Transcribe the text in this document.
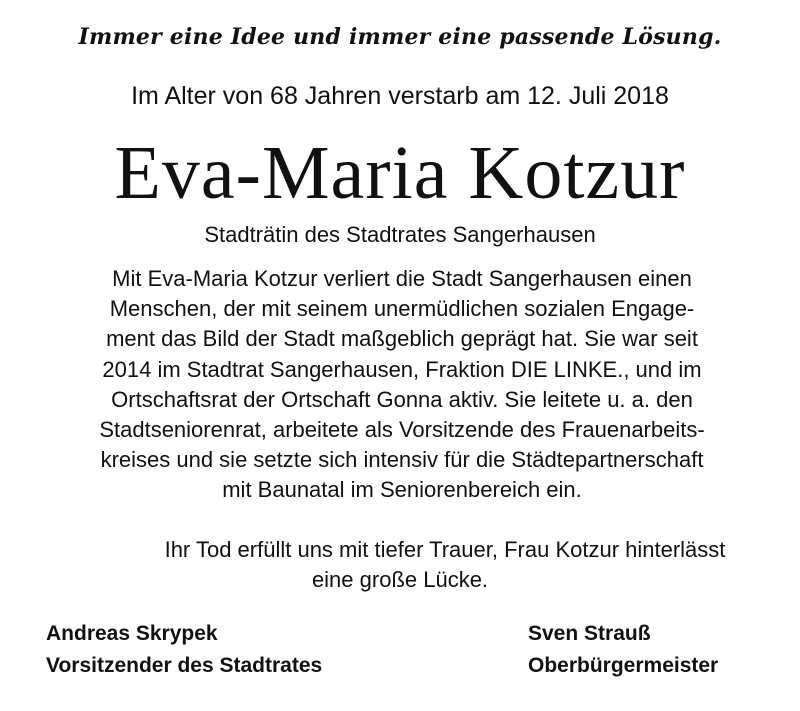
Immer eine Idee und immer eine passende Lösung.
Im Alter von 68 Jahren verstarb am 12. Juli 2018
Eva-Maria Kotzur
Stadträtin des Stadtrates Sangerhausen
Mit Eva-Maria Kotzur verliert die Stadt Sangerhausen einen
Menschen, der mit seinem unermüdlichen sozialen Engage-
ment das Bild der Stadt maßgeblich geprägt hat. Sie war seit
2014 im Stadtrat Sangerhausen, Fraktion DIE LINKE., und im
Ortschaftsrat der Ortschaft Gonna aktiv. Sie leitete u. a. den
Stadtseniorenrat, arbeitete als Vorsitzende des Frauenarbeits-
kreises und sie setzte sich intensiv für die Städtepartnerschaft
mit Baunatal im Seniorenbereich ein.
Ihr Tod erfüllt uns mit tiefer Trauer, Frau Kotzur hinterlässt
eine große Lücke.
Andreas Skrypek
Vorsitzender des Stadtrates
Sven Strauß
Oberbürgermeister
